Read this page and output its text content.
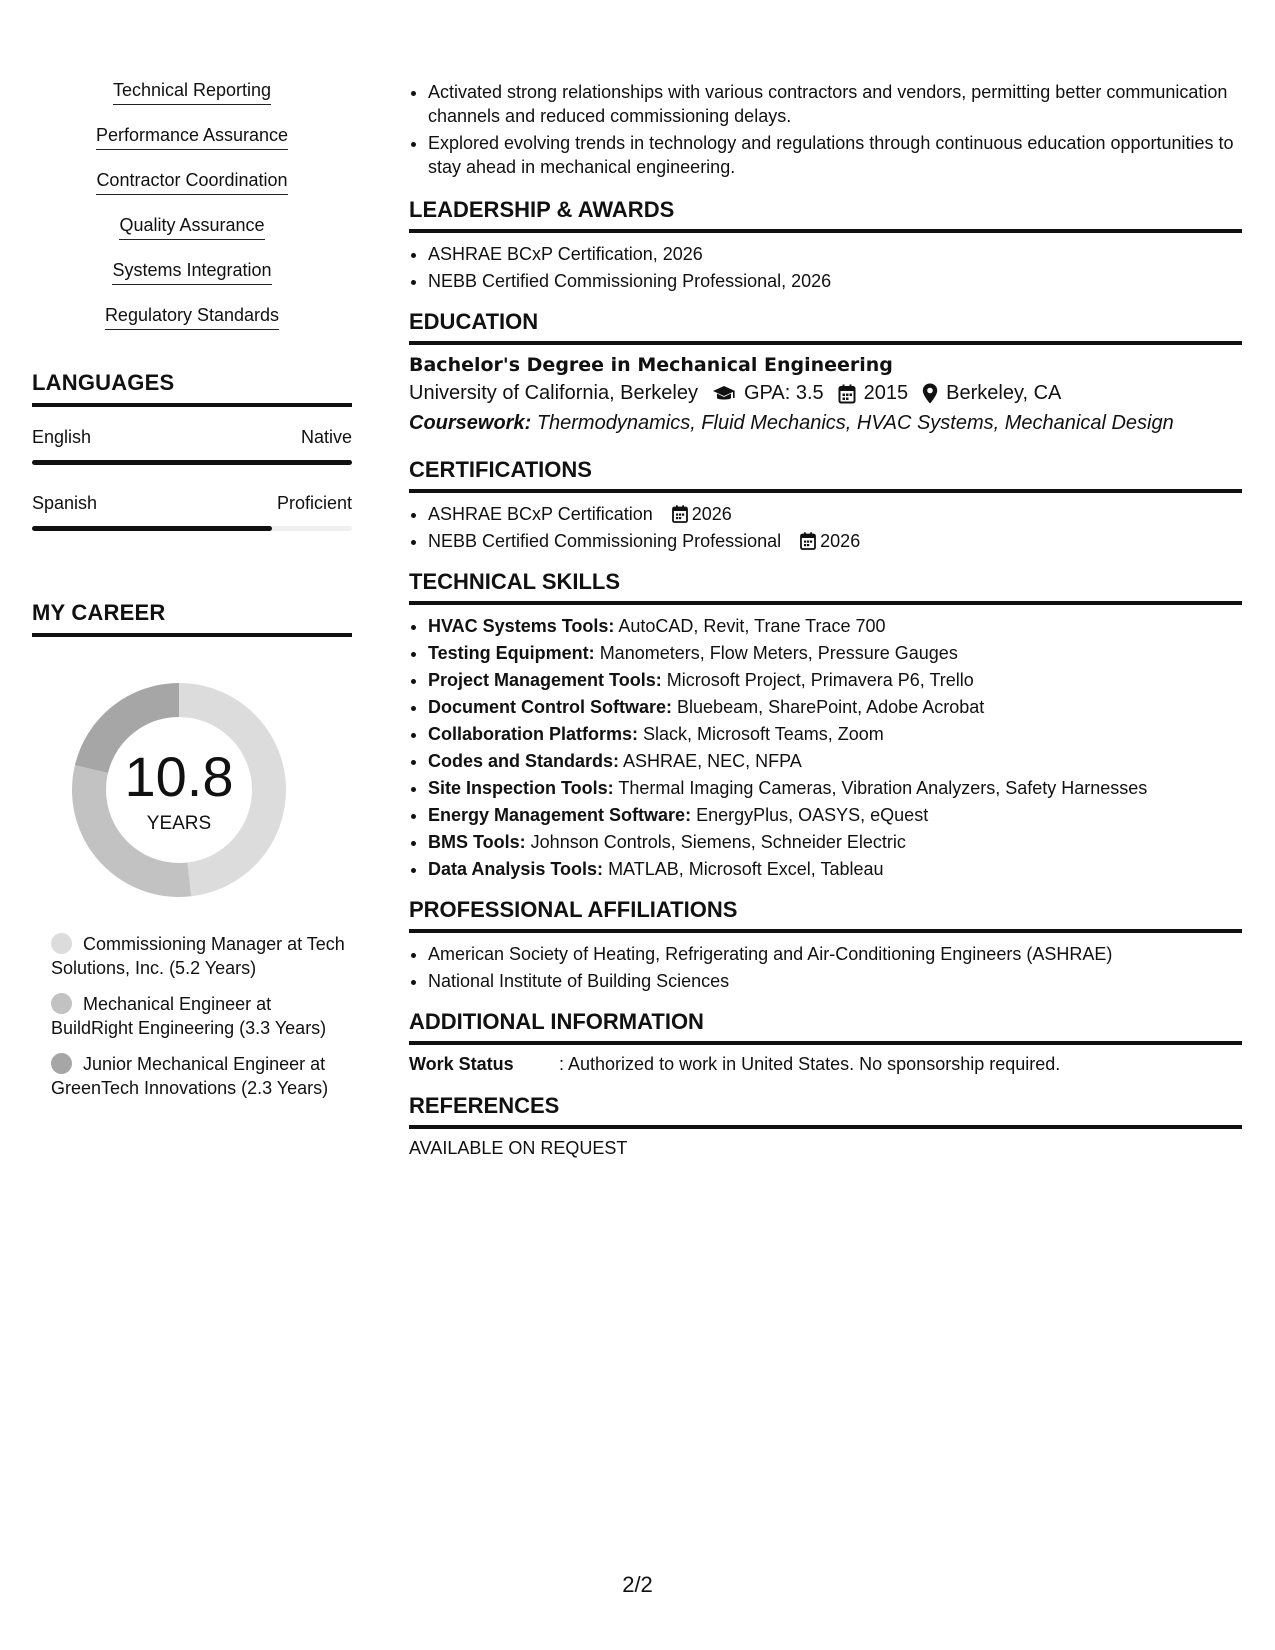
Technical Reporting
Performance Assurance
Contractor Coordination
Quality Assurance
Systems Integration
Regulatory Standards
LANGUAGES
English	Native
Spanish	Proficient
MY CAREER
10.8
YEARS
Commissioning Manager at Tech Solutions, Inc. (5.2 Years)
Mechanical Engineer at BuildRight Engineering (3.3 Years)
Junior Mechanical Engineer at GreenTech Innovations (2.3 Years)
• Activated strong relationships with various contractors and vendors, permitting better communication channels and reduced commissioning delays.
• Explored evolving trends in technology and regulations through continuous education opportunities to stay ahead in mechanical engineering.
LEADERSHIP & AWARDS
• ASHRAE BCxP Certification, 2026
• NEBB Certified Commissioning Professional, 2026
EDUCATION
Bachelor's Degree in Mechanical Engineering
University of California, Berkeley GPA: 3.5 2015 Berkeley, CA
Coursework: Thermodynamics, Fluid Mechanics, HVAC Systems, Mechanical Design
CERTIFICATIONS
• ASHRAE BCxP Certification 2026
• NEBB Certified Commissioning Professional 2026
TECHNICAL SKILLS
• HVAC Systems Tools: AutoCAD, Revit, Trane Trace 700
• Testing Equipment: Manometers, Flow Meters, Pressure Gauges
• Project Management Tools: Microsoft Project, Primavera P6, Trello
• Document Control Software: Bluebeam, SharePoint, Adobe Acrobat
• Collaboration Platforms: Slack, Microsoft Teams, Zoom
• Codes and Standards: ASHRAE, NEC, NFPA
• Site Inspection Tools: Thermal Imaging Cameras, Vibration Analyzers, Safety Harnesses
• Energy Management Software: EnergyPlus, OASYS, eQuest
• BMS Tools: Johnson Controls, Siemens, Schneider Electric
• Data Analysis Tools: MATLAB, Microsoft Excel, Tableau
PROFESSIONAL AFFILIATIONS
• American Society of Heating, Refrigerating and Air-Conditioning Engineers (ASHRAE)
• National Institute of Building Sciences
ADDITIONAL INFORMATION
Work Status	: Authorized to work in United States. No sponsorship required.
REFERENCES
AVAILABLE ON REQUEST
2/2
